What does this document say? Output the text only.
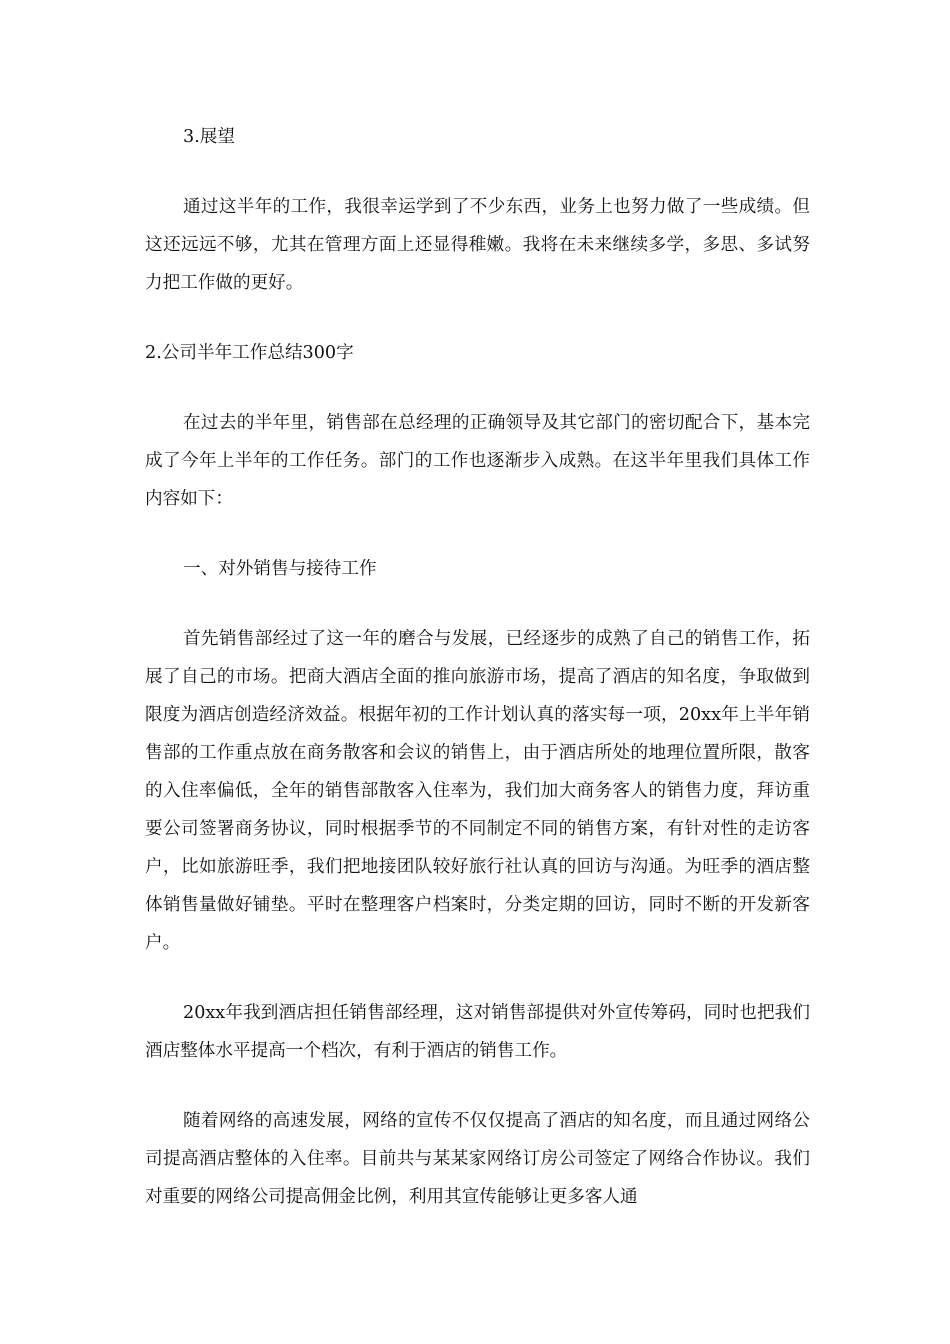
3.展望

通过这半年的工作，我很幸运学到了不少东西，业务上也努力做了一些成绩。但这还远远不够，尤其在管理方面上还显得稚嫩。我将在未来继续多学，多思、多试努力把工作做的更好。

2.公司半年工作总结300字

在过去的半年里，销售部在总经理的正确领导及其它部门的密切配合下，基本完成了今年上半年的工作任务。部门的工作也逐渐步入成熟。在这半年里我们具体工作内容如下：

一、对外销售与接待工作

首先销售部经过了这一年的磨合与发展，已经逐步的成熟了自己的销售工作，拓展了自己的市场。把商大酒店全面的推向旅游市场，提高了酒店的知名度，争取做到限度为酒店创造经济效益。根据年初的工作计划认真的落实每一项，20xx年上半年销售部的工作重点放在商务散客和会议的销售上，由于酒店所处的地理位置所限，散客的入住率偏低，全年的销售部散客入住率为，我们加大商务客人的销售力度，拜访重要公司签署商务协议，同时根据季节的不同制定不同的销售方案，有针对性的走访客户，比如旅游旺季，我们把地接团队较好旅行社认真的回访与沟通。为旺季的酒店整体销售量做好铺垫。平时在整理客户档案时，分类定期的回访，同时不断的开发新客户。

20xx年我到酒店担任销售部经理，这对销售部提供对外宣传筹码，同时也把我们酒店整体水平提高一个档次，有利于酒店的销售工作。

随着网络的高速发展，网络的宣传不仅仅提高了酒店的知名度，而且通过网络公司提高酒店整体的入住率。目前共与某某家网络订房公司签定了网络合作协议。我们对重要的网络公司提高佣金比例，利用其宣传能够让更多客人通
